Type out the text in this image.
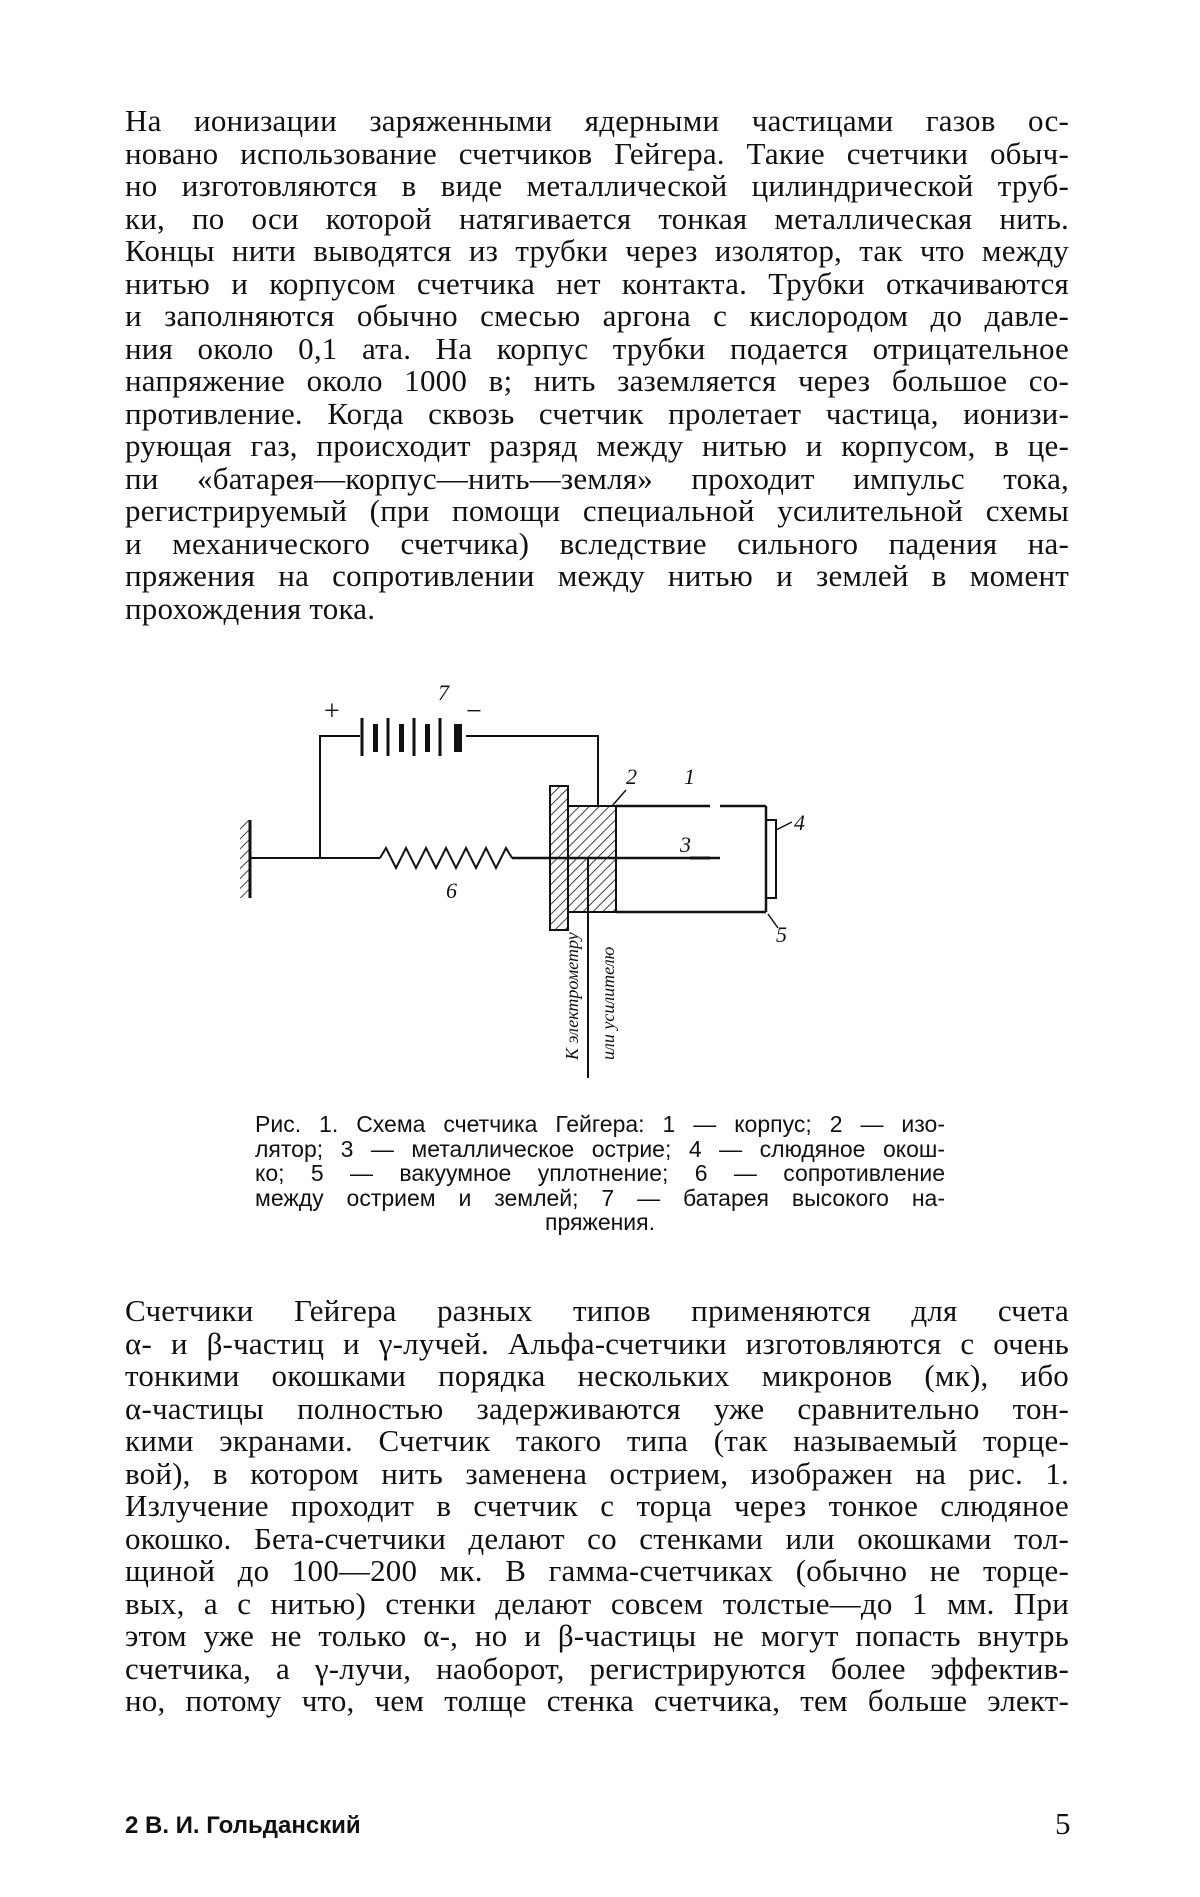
На ионизации заряженными ядерными частицами газов ос-
новано использование счетчиков Гейгера. Такие счетчики обыч-
но изготовляются в виде металлической цилиндрической труб-
ки, по оси которой натягивается тонкая металлическая нить.
Концы нити выводятся из трубки через изолятор, так что между
нитью и корпусом счетчика нет контакта. Трубки откачиваются
и заполняются обычно смесью аргона с кислородом до давле-
ния около 0,1 ата. На корпус трубки подается отрицательное
напряжение около 1000 в; нить заземляется через большое со-
противление. Когда сквозь счетчик пролетает частица, ионизи-
рующая газ, происходит разряд между нитью и корпусом, в це-
пи «батарея—корпус—нить—земля» проходит импульс тока,
регистрируемый (при помощи специальной усилительной схемы
и механического счетчика) вследствие сильного падения на-
пряжения на сопротивлении между нитью и землей в момент
прохождения тока.

+	−
7
6
К электрометру или усилителю
2 1
4
3
5
Рис. 1. Схема счетчика Гейгера: 1 — корпус; 2 — изо-
лятор; 3 — металлическое острие; 4 — слюдяное окош-
ко; 5 — вакуумное уплотнение; 6 — сопротивление
между острием и землей; 7 — батарея высокого на-
пряжения.

Счетчики Гейгера разных типов применяются для счета
α- и β-частиц и γ-лучей. Альфа-счетчики изготовляются с очень
тонкими окошками порядка нескольких микронов (мк), ибо
α-частицы полностью задерживаются уже сравнительно тон-
кими экранами. Счетчик такого типа (так называемый торце-
вой), в котором нить заменена острием, изображен на рис. 1.
Излучение проходит в счетчик с торца через тонкое слюдяное
окошко. Бета-счетчики делают со стенками или окошками тол-
щиной до 100—200 мк. В гамма-счетчиках (обычно не торце-
вых, а с нитью) стенки делают совсем толстые—до 1 мм. При
этом уже не только α-, но и β-частицы не могут попасть внутрь
счетчика, а γ-лучи, наоборот, регистрируются более эффектив-
но, потому что, чем толще стенка счетчика, тем больше элект-

2 В. И. Гольданский	5
